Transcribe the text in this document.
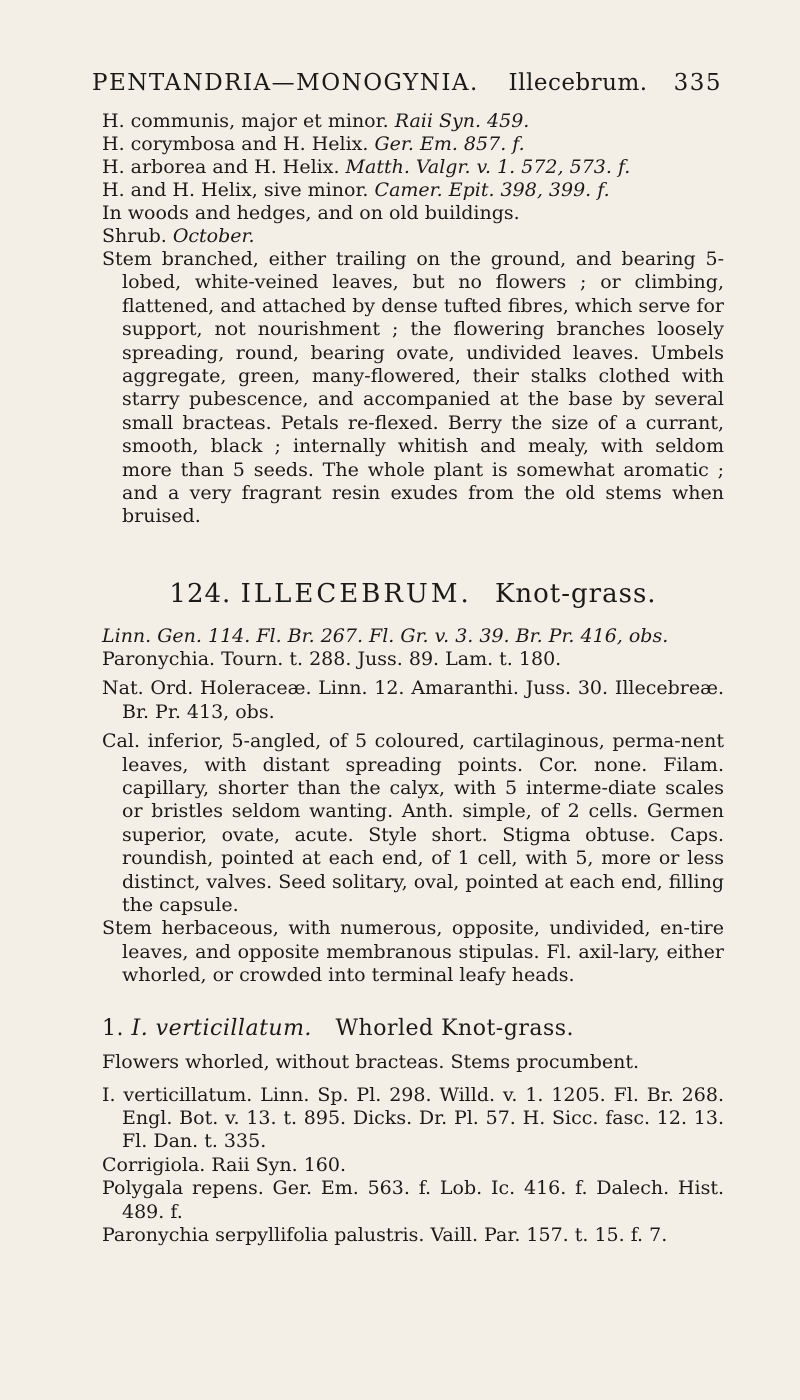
PENTANDRIA—MONOGYNIA. Illecebrum. 335
H. communis, major et minor. Raii Syn. 459.
H. corymbosa and H. Helix. Ger. Em. 857. f.
H. arborea and H. Helix. Matth. Valgr. v. 1. 572, 573. f.
H. and H. Helix, sive minor. Camer. Epit. 398, 399. f.
In woods and hedges, and on old buildings.
Shrub. October.
Stem branched, either trailing on the ground, and bearing 5-lobed, white-veined leaves, but no flowers ; or climbing, flattened, and attached by dense tufted fibres, which serve for support, not nourishment ; the flowering branches loosely spreading, round, bearing ovate, undivided leaves. Umbels aggregate, green, many-flowered, their stalks clothed with starry pubescence, and accompanied at the base by several small bracteas. Petals re-flexed. Berry the size of a currant, smooth, black ; internally whitish and mealy, with seldom more than 5 seeds. The whole plant is somewhat aromatic ; and a very fragrant resin exudes from the old stems when bruised.
124. ILLECEBRUM. Knot-grass.
Linn. Gen. 114. Fl. Br. 267. Fl. Gr. v. 3. 39. Br. Pr. 416, obs.
Paronychia. Tourn. t. 288. Juss. 89. Lam. t. 180.
Nat. Ord. Holeraceæ. Linn. 12. Amaranthi. Juss. 30. Illecebreæ. Br. Pr. 413, obs.
Cal. inferior, 5-angled, of 5 coloured, cartilaginous, perma-nent leaves, with distant spreading points. Cor. none. Filam. capillary, shorter than the calyx, with 5 interme-diate scales or bristles seldom wanting. Anth. simple, of 2 cells. Germen superior, ovate, acute. Style short. Stigma obtuse. Caps. roundish, pointed at each end, of 1 cell, with 5, more or less distinct, valves. Seed solitary, oval, pointed at each end, filling the capsule.
Stem herbaceous, with numerous, opposite, undivided, en-tire leaves, and opposite membranous stipulas. Fl. axil-lary, either whorled, or crowded into terminal leafy heads.
1. I. verticillatum. Whorled Knot-grass.
Flowers whorled, without bracteas. Stems procumbent.
I. verticillatum. Linn. Sp. Pl. 298. Willd. v. 1. 1205. Fl. Br. 268. Engl. Bot. v. 13. t. 895. Dicks. Dr. Pl. 57. H. Sicc. fasc. 12. 13. Fl. Dan. t. 335.
Corrigiola. Raii Syn. 160.
Polygala repens. Ger. Em. 563. f. Lob. Ic. 416. f. Dalech. Hist. 489. f.
Paronychia serpyllifolia palustris. Vaill. Par. 157. t. 15. f. 7.
